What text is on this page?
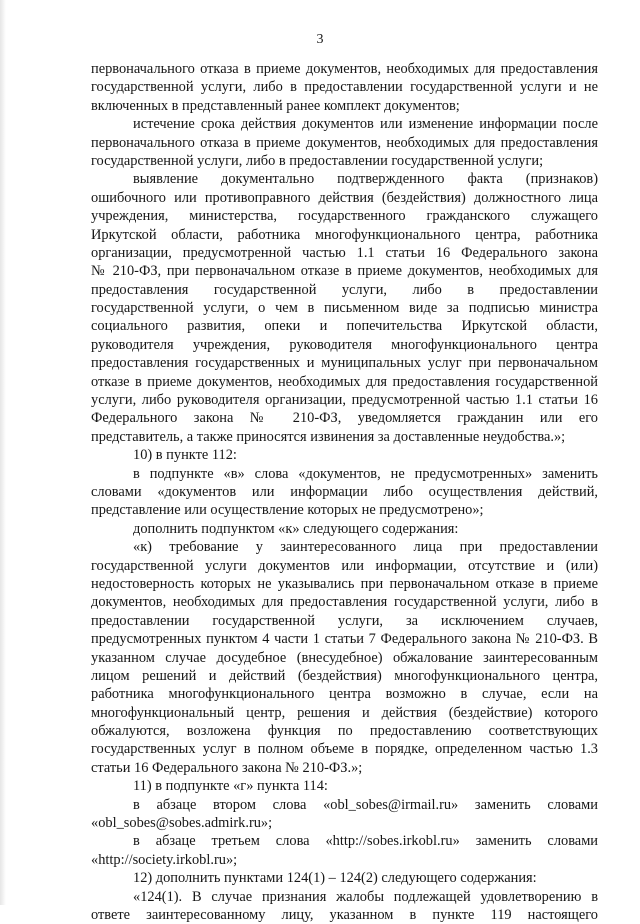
3
первоначального отказа в приеме документов, необходимых для предоставления
государственной услуги, либо в предоставлении государственной услуги и не
включенных в представленный ранее комплект документов;
истечение срока действия документов или изменение информации после
первоначального отказа в приеме документов, необходимых для предоставления
государственной услуги, либо в предоставлении государственной услуги;
выявление документально подтвержденного факта (признаков)
ошибочного или противоправного действия (бездействия) должностного лица
учреждения, министерства, государственного гражданского служащего
Иркутской области, работника многофункционального центра, работника
организации, предусмотренной частью 1.1 статьи 16 Федерального закона
№ 210-ФЗ, при первоначальном отказе в приеме документов, необходимых для
предоставления государственной услуги, либо в предоставлении
государственной услуги, о чем в письменном виде за подписью министра
социального развития, опеки и попечительства Иркутской области,
руководителя учреждения, руководителя многофункционального центра
предоставления государственных и муниципальных услуг при первоначальном
отказе в приеме документов, необходимых для предоставления государственной
услуги, либо руководителя организации, предусмотренной частью 1.1 статьи 16
Федерального закона № 210-ФЗ, уведомляется гражданин или его
представитель, а также приносятся извинения за доставленные неудобства.»;
10) в пункте 112:
в подпункте «в» слова «документов, не предусмотренных» заменить
словами «документов или информации либо осуществления действий,
представление или осуществление которых не предусмотрено»;
дополнить подпунктом «к» следующего содержания:
«к) требование у заинтересованного лица при предоставлении
государственной услуги документов или информации, отсутствие и (или)
недостоверность которых не указывались при первоначальном отказе в приеме
документов, необходимых для предоставления государственной услуги, либо в
предоставлении государственной услуги, за исключением случаев,
предусмотренных пунктом 4 части 1 статьи 7 Федерального закона № 210-ФЗ. В
указанном случае досудебное (внесудебное) обжалование заинтересованным
лицом решений и действий (бездействия) многофункционального центра,
работника многофункционального центра возможно в случае, если на
многофункциональный центр, решения и действия (бездействие) которого
обжалуются, возложена функция по предоставлению соответствующих
государственных услуг в полном объеме в порядке, определенном частью 1.3
статьи 16 Федерального закона № 210-ФЗ.»;
11) в подпункте «г» пункта 114:
в абзаце втором слова «obl_sobes@irmail.ru» заменить словами
«obl_sobes@sobes.admirk.ru»;
в абзаце третьем слова «http://sobes.irkobl.ru» заменить словами
«http://society.irkobl.ru»;
12) дополнить пунктами 124(1) – 124(2) следующего содержания:
«124(1). В случае признания жалобы подлежащей удовлетворению в
ответе заинтересованному лицу, указанном в пункте 119 настоящего
